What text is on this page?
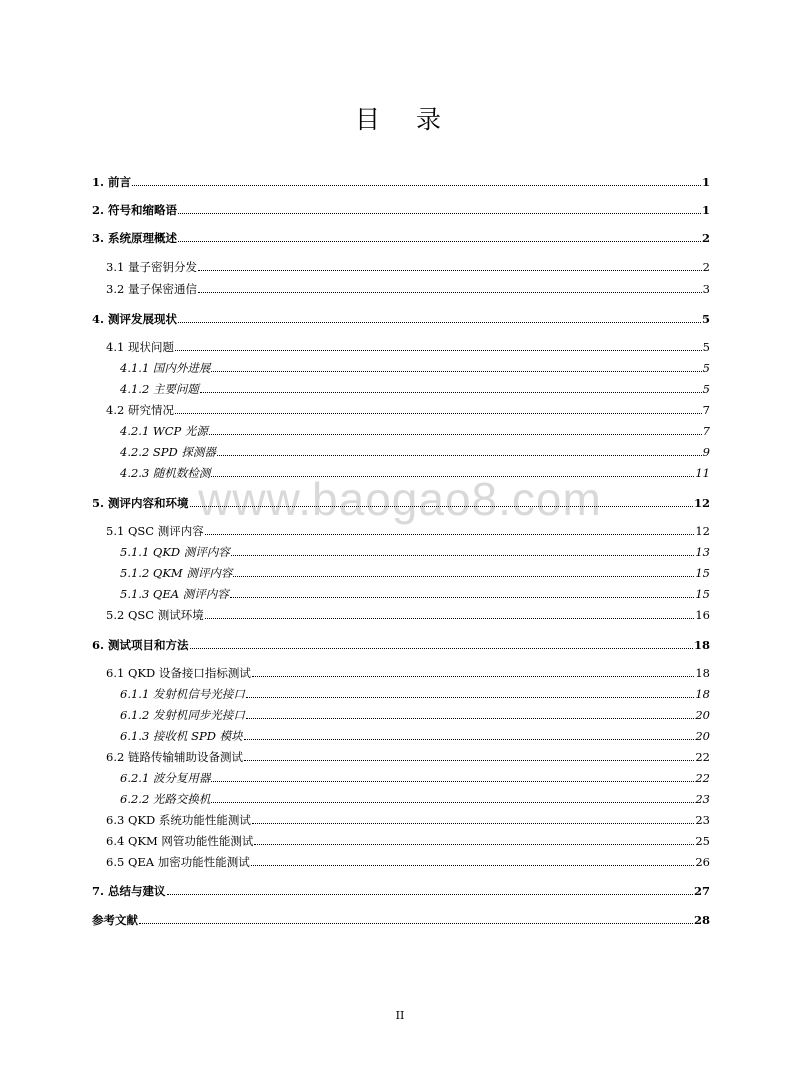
目 录
www.baogao8.com
1. 前言	1
2. 符号和缩略语	1
3. 系统原理概述	2
3.1 量子密钥分发	2
3.2 量子保密通信	3
4. 测评发展现状	5
4.1 现状问题	5
4.1.1 国内外进展	5
4.1.2 主要问题	5
4.2 研究情况	7
4.2.1 WCP 光源	7
4.2.2 SPD 探测器	9
4.2.3 随机数检测	11
5. 测评内容和环境	12
5.1 QSC 测评内容	12
5.1.1 QKD 测评内容	13
5.1.2 QKM 测评内容	15
5.1.3 QEA 测评内容	15
5.2 QSC 测试环境	16
6. 测试项目和方法	18
6.1 QKD 设备接口指标测试	18
6.1.1 发射机信号光接口	18
6.1.2 发射机同步光接口	20
6.1.3 接收机 SPD 模块	20
6.2 链路传输辅助设备测试	22
6.2.1 波分复用器	22
6.2.2 光路交换机	23
6.3 QKD 系统功能性能测试	23
6.4 QKM 网管功能性能测试	25
6.5 QEA 加密功能性能测试	26
7. 总结与建议	27
参考文献	28
II
